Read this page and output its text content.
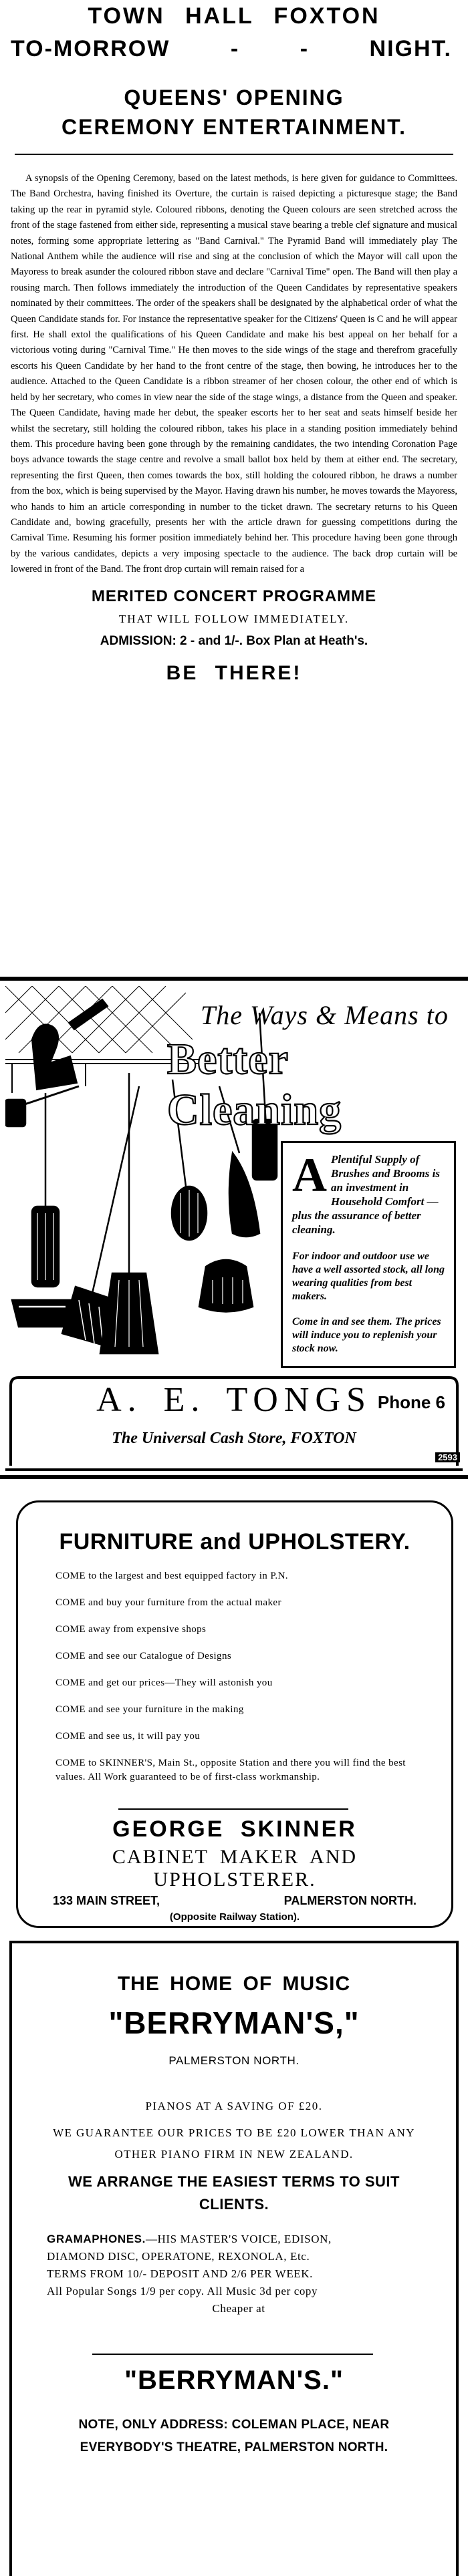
TOWN HALL FOXTON
TO-MORROW	-	-	NIGHT.
QUEENS' OPENING
CEREMONY ENTERTAINMENT.

A synopsis of the Opening Ceremony, based on the latest methods, is here given for guidance to Committees. The Band Orchestra, having finished its Overture, the curtain is raised depicting a picturesque stage; the Band taking up the rear in pyramid style. Coloured ribbons, denoting the Queen colours are seen stretched across the front of the stage fastened from either side, representing a musical stave bearing a treble clef signature and musical notes, forming some appropriate lettering as "Band Carnival." The Pyramid Band will immediately play The National Anthem while the audience will rise and sing at the conclusion of which the Mayor will call upon the Mayoress to break asunder the coloured ribbon stave and declare "Carnival Time" open. The Band will then play a rousing march. Then follows immediately the introduction of the Queen Candidates by representative speakers nominated by their committees. The order of the speakers shall be designated by the alphabetical order of what the Queen Candidate stands for. For instance the representative speaker for the Citizens' Queen is C and he will appear first. He shall extol the qualifications of his Queen Candidate and make his best appeal on her behalf for a victorious voting during "Carnival Time." He then moves to the side wings of the stage and therefrom gracefully escorts his Queen Candidate by her hand to the front centre of the stage, then bowing, he introduces her to the audience. Attached to the Queen Candidate is a ribbon streamer of her chosen colour, the other end of which is held by her secretary, who comes in view near the side of the stage wings, a distance from the Queen and speaker. The Queen Candidate, having made her debut, the speaker escorts her to her seat and seats himself beside her whilst the secretary, still holding the coloured ribbon, takes his place in a standing position immediately behind them. This procedure having been gone through by the remaining candidates, the two intending Coronation Page boys advance towards the stage centre and revolve a small ballot box held by them at either end. The secretary, representing the first Queen, then comes towards the box, still holding the coloured ribbon, he draws a number from the box, which is being supervised by the Mayor. Having drawn his number, he moves towards the Mayoress, who hands to him an article corresponding in number to the ticket drawn. The secretary returns to his Queen Candidate and, bowing gracefully, presents her with the article drawn for guessing competitions during the Carnival Time. Resuming his former position immediately behind her. This procedure having been gone through by the various candidates, depicts a very imposing spectacle to the audience. The back drop curtain will be lowered in front of the Band. The front drop curtain will remain raised for a

MERITED CONCERT PROGRAMME
THAT WILL FOLLOW IMMEDIATELY.
ADMISSION: 2 - and 1/-. Box Plan at Heath's.
BE THERE!
The Ways & Means to
Better Cleaning
A Plentiful Supply of Brushes and Brooms is an investment in Household Comfort — plus the assurance of better cleaning.
For indoor and outdoor use we have a well assorted stock, all long wearing qualities from best makers.
Come in and see them. The prices will induce you to replenish your stock now.
A. E. TONGS Phone 6
The Universal Cash Store, FOXTON
2593
FURNITURE and UPHOLSTERY.
COME to the largest and best equipped factory in P.N.
COME and buy your furniture from the actual maker
COME away from expensive shops
COME and see our Catalogue of Designs
COME and get our prices—They will astonish you
COME and see your furniture in the making
COME and see us, it will pay you
COME to SKINNER'S, Main St., opposite Station and there you will find the best values. All Work guaranteed to be of first-class workmanship.
GEORGE SKINNER
CABINET MAKER AND
UPHOLSTERER.
133 MAIN STREET,	PALMERSTON NORTH.
(Opposite Railway Station).
THE HOME OF MUSIC
"BERRYMAN'S,"
PALMERSTON NORTH.
PIANOS AT A SAVING OF £20.
WE GUARANTEE OUR PRICES TO BE £20 LOWER THAN ANY OTHER PIANO FIRM IN NEW ZEALAND.
WE ARRANGE THE EASIEST TERMS TO SUIT CLIENTS.
GRAMAPHONES.—HIS MASTER'S VOICE, EDISON,
DIAMOND DISC, OPERATONE, REXONOLA, Etc.
TERMS FROM 10/- DEPOSIT AND 2/6 PER WEEK.
All Popular Songs 1/9 per copy. All Music 3d per copy
Cheaper at
"BERRYMAN'S."
NOTE, ONLY ADDRESS: COLEMAN PLACE, NEAR
EVERYBODY'S THEATRE, PALMERSTON NORTH.
